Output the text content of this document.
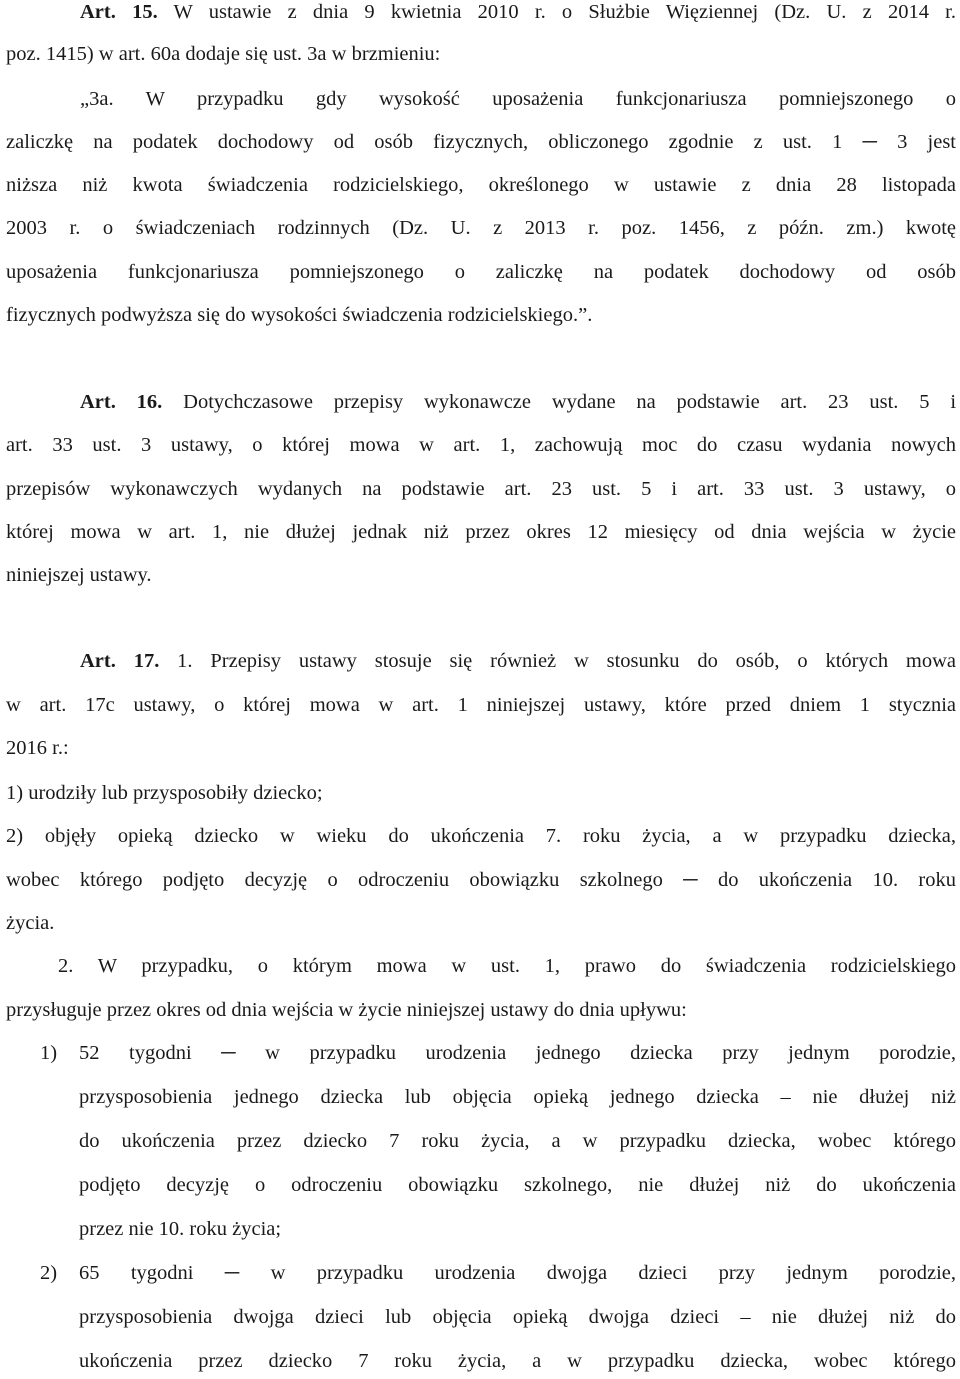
Art. 15. W ustawie z dnia 9 kwietnia 2010 r. o Służbie Więziennej (Dz. U. z 2014 r.
poz. 1415) w art. 60a dodaje się ust. 3a w brzmieniu:
„3a. W przypadku gdy wysokość uposażenia funkcjonariusza pomniejszonego o
zaliczkę na podatek dochodowy od osób fizycznych, obliczonego zgodnie z ust. 1 ─ 3 jest
niższa niż kwota świadczenia rodzicielskiego, określonego w ustawie z dnia 28 listopada
2003 r. o świadczeniach rodzinnych (Dz. U. z 2013 r. poz. 1456, z późn. zm.) kwotę
uposażenia funkcjonariusza pomniejszonego o zaliczkę na podatek dochodowy od osób
fizycznych podwyższa się do wysokości świadczenia rodzicielskiego.”.
Art. 16. Dotychczasowe przepisy wykonawcze wydane na podstawie art. 23 ust. 5 i
art. 33 ust. 3 ustawy, o której mowa w art. 1, zachowują moc do czasu wydania nowych
przepisów wykonawczych wydanych na podstawie art. 23 ust. 5 i art. 33 ust. 3 ustawy, o
której mowa w art. 1, nie dłużej jednak niż przez okres 12 miesięcy od dnia wejścia w życie
niniejszej ustawy.
Art. 17. 1. Przepisy ustawy stosuje się również w stosunku do osób, o których mowa
w art. 17c ustawy, o której mowa w art. 1 niniejszej ustawy, które przed dniem 1 stycznia
2016 r.:
1) urodziły lub przysposobiły dziecko;
2) objęły opieką dziecko w wieku do ukończenia 7. roku życia, a w przypadku dziecka,
wobec którego podjęto decyzję o odroczeniu obowiązku szkolnego ─ do ukończenia 10. roku
życia.
2. W przypadku, o którym mowa w ust. 1, prawo do świadczenia rodzicielskiego
przysługuje przez okres od dnia wejścia w życie niniejszej ustawy do dnia upływu:
1)	52 tygodni ─ w przypadku urodzenia jednego dziecka przy jednym porodzie,
przysposobienia jednego dziecka lub objęcia opieką jednego dziecka – nie dłużej niż
do ukończenia przez dziecko 7 roku życia, a w przypadku dziecka, wobec którego
podjęto decyzję o odroczeniu obowiązku szkolnego, nie dłużej niż do ukończenia
przez nie 10. roku życia;
2)	65 tygodni ─ w przypadku urodzenia dwojga dzieci przy jednym porodzie,
przysposobienia dwojga dzieci lub objęcia opieką dwojga dzieci – nie dłużej niż do
ukończenia przez dziecko 7 roku życia, a w przypadku dziecka, wobec którego
